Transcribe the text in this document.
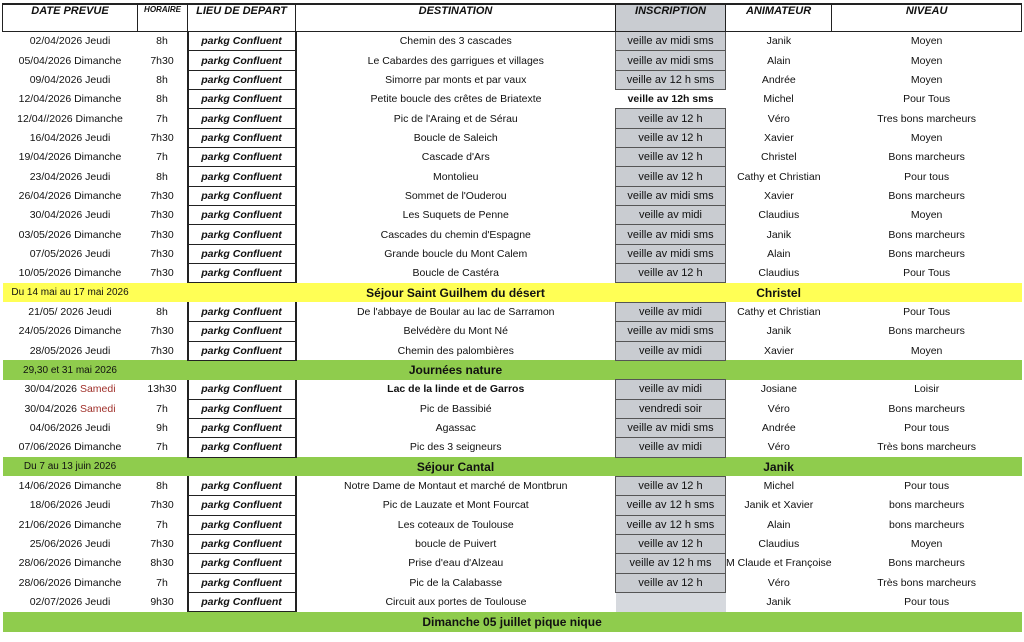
DATE PREVUE	HORAIRE	LIEU DE DEPART	DESTINATION	INSCRIPTION	ANIMATEUR	NIVEAU
02/04/2026 Jeudi	8h	parkg Confluent	Chemin des 3 cascades	veille av midi sms	Janik	Moyen
05/04/2026 Dimanche	7h30	parkg Confluent	Le Cabardes des garrigues et villages	veille av midi sms	Alain	Moyen
09/04/2026 Jeudi	8h	parkg Confluent	Simorre par monts et par vaux	veille av 12 h sms	Andrée	Moyen
12/04/2026 Dimanche	8h	parkg Confluent	Petite boucle des crêtes de Briatexte	veille av 12h sms	Michel	Pour Tous
12/04//2026 Dimanche	7h	parkg Confluent	Pic de l'Araing et de Sérau	veille av 12 h	Véro	Tres bons marcheurs
16/04/2026 Jeudi	7h30	parkg Confluent	Boucle de Saleich	veille av 12 h	Xavier	Moyen
19/04/2026 Dimanche	7h	parkg Confluent	Cascade d'Ars	veille av 12 h	Christel	Bons marcheurs
23/04/2026 Jeudi	8h	parkg Confluent	Montolieu	veille av 12 h	Cathy et Christian	Pour tous
26/04/2026 Dimanche	7h30	parkg Confluent	Sommet de l'Ouderou	veille av midi sms	Xavier	Bons marcheurs
30/04/2026 Jeudi	7h30	parkg Confluent	Les Suquets de Penne	veille av midi	Claudius	Moyen
03/05/2026 Dimanche	7h30	parkg Confluent	Cascades du chemin d'Espagne	veille av midi sms	Janik	Bons marcheurs
07/05/2026 Jeudi	7h30	parkg Confluent	Grande boucle du Mont Calem	veille av midi sms	Alain	Bons marcheurs
10/05/2026 Dimanche	7h30	parkg Confluent	Boucle de Castéra	veille av 12 h	Claudius	Pour Tous
Du 14 mai au 17 mai 2026			Séjour Saint Guilhem du désert		Christel	
21/05/ 2026 Jeudi	8h	parkg Confluent	De l'abbaye de Boular au lac de Sarramon	veille av midi	Cathy et Christian	Pour Tous
24/05/2026 Dimanche	7h30	parkg Confluent	Belvédère du Mont Né	veille av midi sms	Janik	Bons marcheurs
28/05/2026 Jeudi	7h30	parkg Confluent	Chemin des palombières	veille av midi	Xavier	Moyen
29,30 et 31 mai 2026			Journées nature			
30/04/2026 Samedi	13h30	parkg Confluent	Lac de la linde et de Garros	veille av midi	Josiane	Loisir
30/04/2026 Samedi	7h	parkg Confluent	Pic de Bassibié	vendredi soir	Véro	Bons marcheurs
04/06/2026 Jeudi	9h	parkg Confluent	Agassac	veille av midi sms	Andrée	Pour tous
07/06/2026 Dimanche	7h	parkg Confluent	Pic des 3 seigneurs	veille av midi	Véro	Très bons marcheurs
Du 7 au 13 juin 2026			Séjour Cantal		Janik	
14/06/2026 Dimanche	8h	parkg Confluent	Notre Dame de Montaut et marché de Montbrun	veille av 12 h	Michel	Pour tous
18/06/2026 Jeudi	7h30	parkg Confluent	Pic de Lauzate et Mont Fourcat	veille av 12 h sms	Janik et Xavier	bons marcheurs
21/06/2026 Dimanche	7h	parkg Confluent	Les coteaux de Toulouse	veille av 12 h sms	Alain	bons marcheurs
25/06/2026 Jeudi	7h30	parkg Confluent	boucle de Puivert	veille av 12 h	Claudius	Moyen
28/06/2026 Dimanche	8h30	parkg Confluent	Prise d'eau d'Alzeau	veille av 12 h ms	M Claude et Françoise	Bons marcheurs
28/06/2026 Dimanche	7h	parkg Confluent	Pic de la Calabasse	veille av 12 h	Véro	Très bons marcheurs
02/07/2026 Jeudi	9h30	parkg Confluent	Circuit aux portes de Toulouse		Janik	Pour tous
Dimanche 05 juillet pique nique						
